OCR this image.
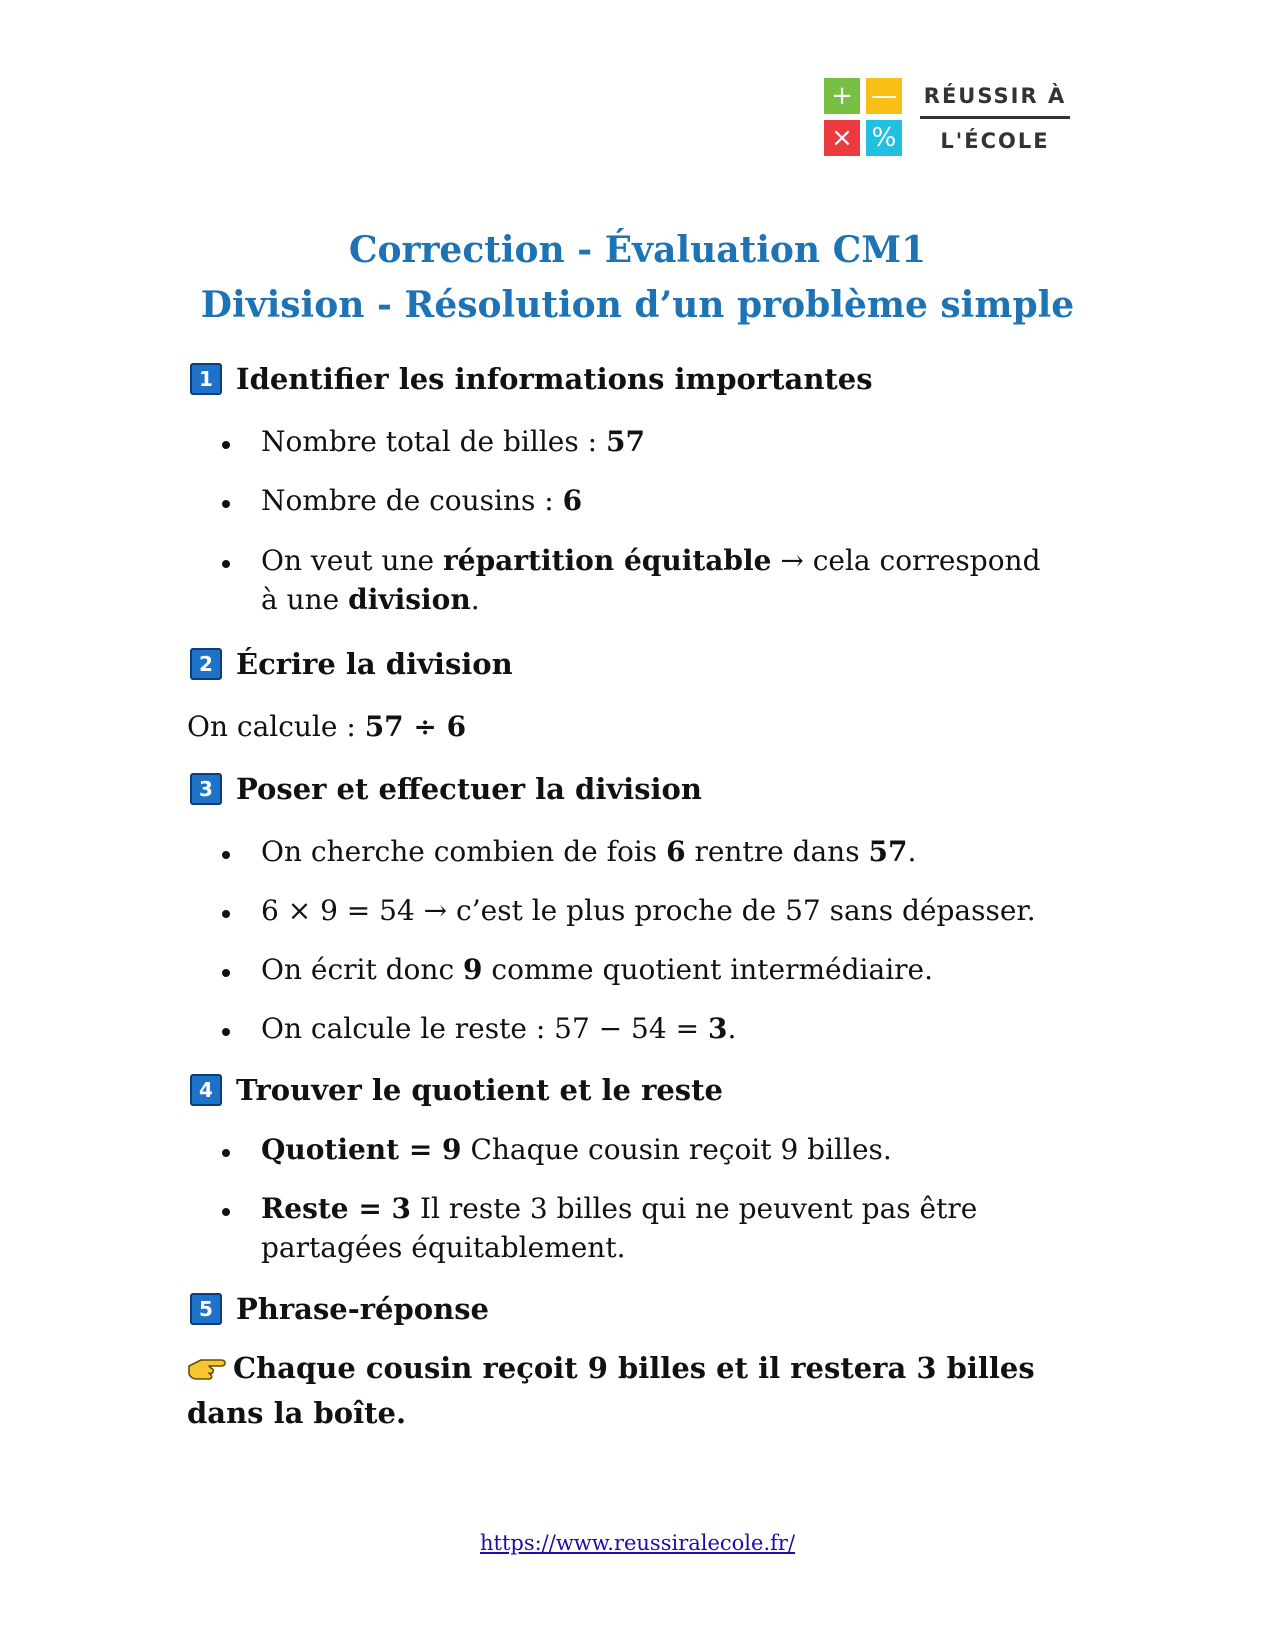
+ —
× %
RÉUSSIR À
L'ÉCOLE
Correction - Évaluation CM1
Division - Résolution d’un problème simple
1 Identifier les informations importantes
Nombre total de billes : 57
Nombre de cousins : 6
On veut une répartition équitable → cela correspond à une division.
2 Écrire la division
On calcule : 57 ÷ 6
3 Poser et effectuer la division
On cherche combien de fois 6 rentre dans 57.
6 × 9 = 54 → c’est le plus proche de 57 sans dépasser.
On écrit donc 9 comme quotient intermédiaire.
On calcule le reste : 57 − 54 = 3.
4 Trouver le quotient et le reste
Quotient = 9 Chaque cousin reçoit 9 billes.
Reste = 3 Il reste 3 billes qui ne peuvent pas être partagées équitablement.
5 Phrase-réponse
Chaque cousin reçoit 9 billes et il restera 3 billes dans la boîte.
https://www.reussiralecole.fr/
